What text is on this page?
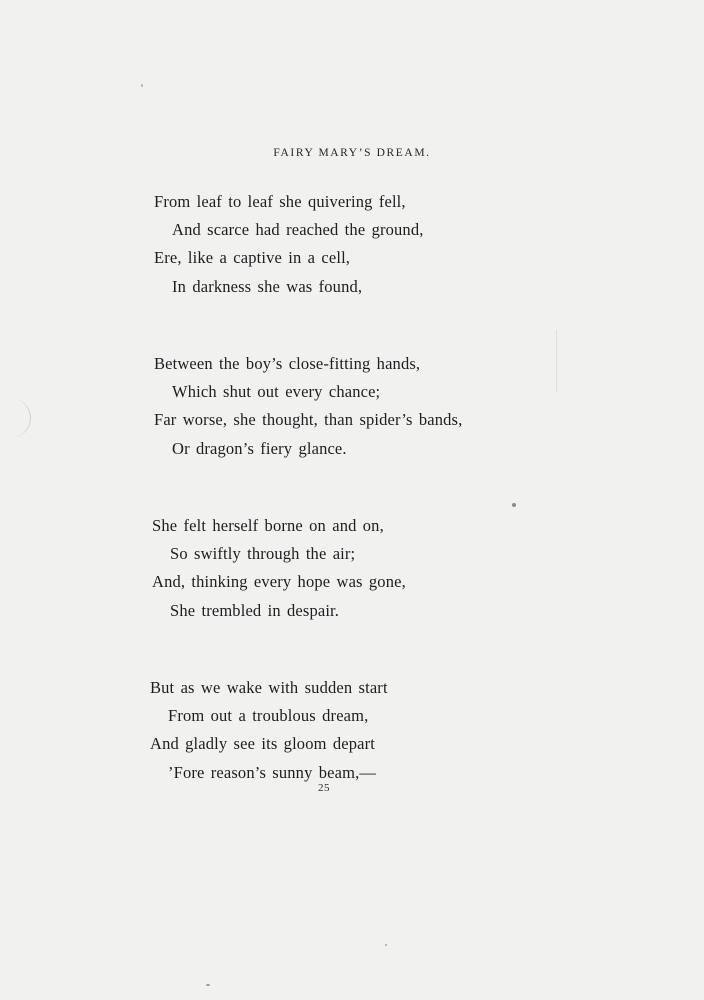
FAIRY MARY’S DREAM.
From leaf to leaf she quivering fell,
And scarce had reached the ground,
Ere, like a captive in a cell,
In darkness she was found,
Between the boy’s close-fitting hands,
Which shut out every chance;
Far worse, she thought, than spider’s bands,
Or dragon’s fiery glance.
She felt herself borne on and on,
So swiftly through the air;
And, thinking every hope was gone,
She trembled in despair.
But as we wake with sudden start
From out a troublous dream,
And gladly see its gloom depart
’Fore reason’s sunny beam,—
25
